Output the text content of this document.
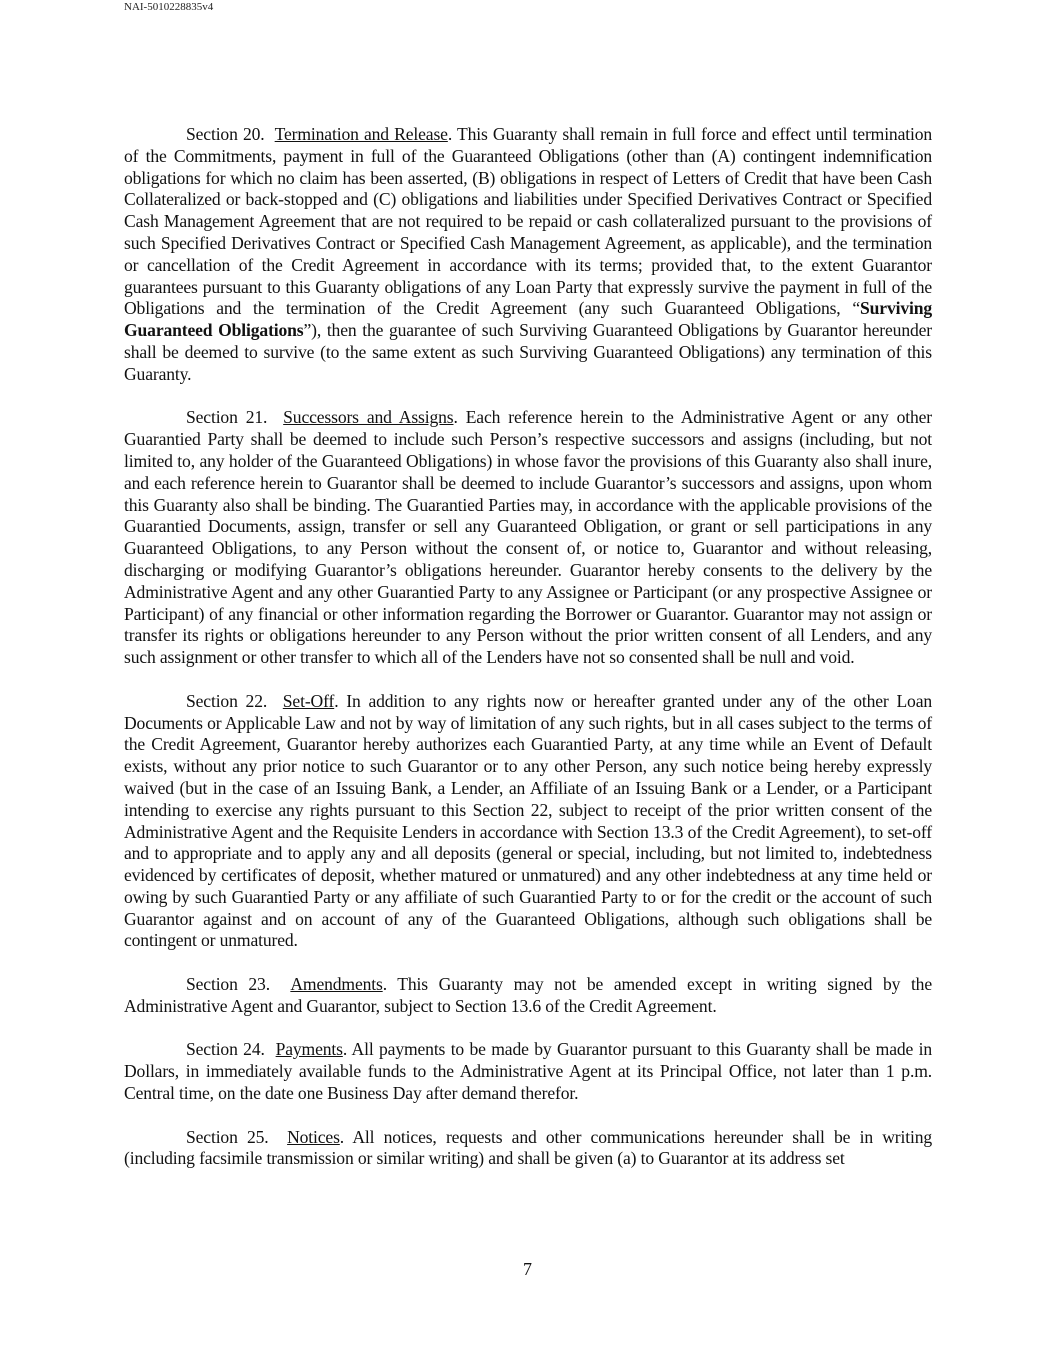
NAI-5010228835v4

Section 20. Termination and Release. This Guaranty shall remain in full force and effect until termination of the Commitments, payment in full of the Guaranteed Obligations (other than (A) contingent indemnification obligations for which no claim has been asserted, (B) obligations in respect of Letters of Credit that have been Cash Collateralized or back-stopped and (C) obligations and liabilities under Specified Derivatives Contract or Specified Cash Management Agreement that are not required to be repaid or cash collateralized pursuant to the provisions of such Specified Derivatives Contract or Specified Cash Management Agreement, as applicable), and the termination or cancellation of the Credit Agreement in accordance with its terms; provided that, to the extent Guarantor guarantees pursuant to this Guaranty obligations of any Loan Party that expressly survive the payment in full of the Obligations and the termination of the Credit Agreement (any such Guaranteed Obligations, “Surviving Guaranteed Obligations”), then the guarantee of such Surviving Guaranteed Obligations by Guarantor hereunder shall be deemed to survive (to the same extent as such Surviving Guaranteed Obligations) any termination of this Guaranty.

Section 21. Successors and Assigns. Each reference herein to the Administrative Agent or any other Guarantied Party shall be deemed to include such Person’s respective successors and assigns (including, but not limited to, any holder of the Guaranteed Obligations) in whose favor the provisions of this Guaranty also shall inure, and each reference herein to Guarantor shall be deemed to include Guarantor’s successors and assigns, upon whom this Guaranty also shall be binding. The Guarantied Parties may, in accordance with the applicable provisions of the Guarantied Documents, assign, transfer or sell any Guaranteed Obligation, or grant or sell participations in any Guaranteed Obligations, to any Person without the consent of, or notice to, Guarantor and without releasing, discharging or modifying Guarantor’s obligations hereunder. Guarantor hereby consents to the delivery by the Administrative Agent and any other Guarantied Party to any Assignee or Participant (or any prospective Assignee or Participant) of any financial or other information regarding the Borrower or Guarantor. Guarantor may not assign or transfer its rights or obligations hereunder to any Person without the prior written consent of all Lenders, and any such assignment or other transfer to which all of the Lenders have not so consented shall be null and void.

Section 22. Set-Off. In addition to any rights now or hereafter granted under any of the other Loan Documents or Applicable Law and not by way of limitation of any such rights, but in all cases subject to the terms of the Credit Agreement, Guarantor hereby authorizes each Guarantied Party, at any time while an Event of Default exists, without any prior notice to such Guarantor or to any other Person, any such notice being hereby expressly waived (but in the case of an Issuing Bank, a Lender, an Affiliate of an Issuing Bank or a Lender, or a Participant intending to exercise any rights pursuant to this Section 22, subject to receipt of the prior written consent of the Administrative Agent and the Requisite Lenders in accordance with Section 13.3 of the Credit Agreement), to set-off and to appropriate and to apply any and all deposits (general or special, including, but not limited to, indebtedness evidenced by certificates of deposit, whether matured or unmatured) and any other indebtedness at any time held or owing by such Guarantied Party or any affiliate of such Guarantied Party to or for the credit or the account of such Guarantor against and on account of any of the Guaranteed Obligations, although such obligations shall be contingent or unmatured.

Section 23. Amendments. This Guaranty may not be amended except in writing signed by the Administrative Agent and Guarantor, subject to Section 13.6 of the Credit Agreement.

Section 24. Payments. All payments to be made by Guarantor pursuant to this Guaranty shall be made in Dollars, in immediately available funds to the Administrative Agent at its Principal Office, not later than 1 p.m. Central time, on the date one Business Day after demand therefor.

Section 25. Notices. All notices, requests and other communications hereunder shall be in writing (including facsimile transmission or similar writing) and shall be given (a) to Guarantor at its address set

7
